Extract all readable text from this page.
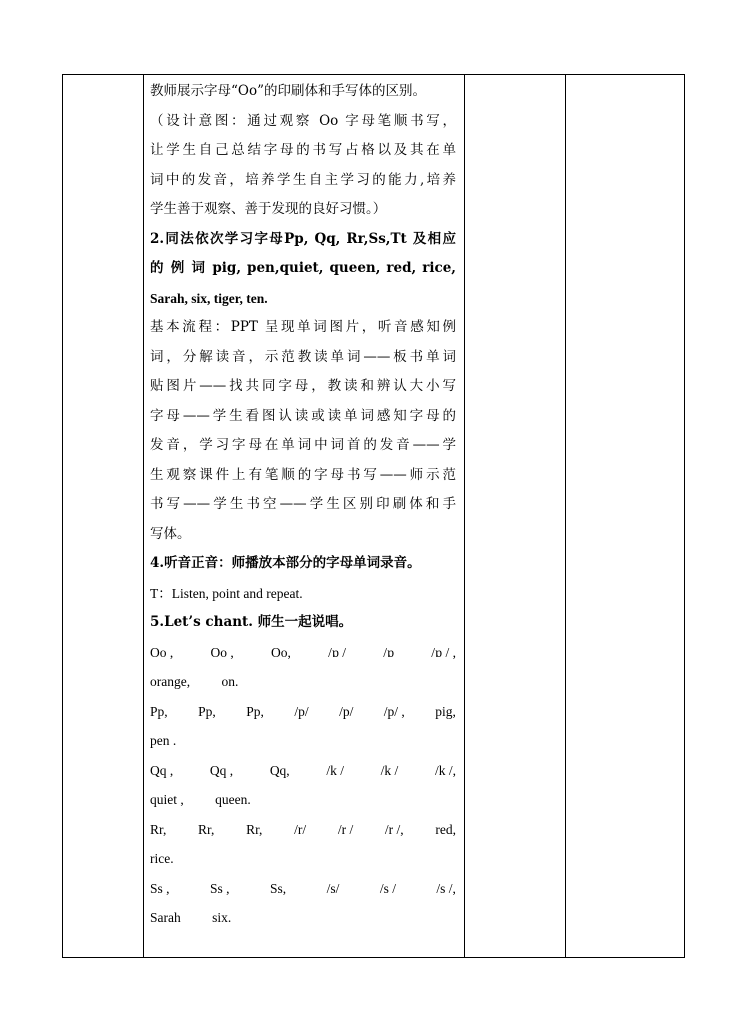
教师展示字母“Oo”的印刷体和手写体的区别。
（设计意图：通过观察 Oo 字母笔顺书写，
让学生自己总结字母的书写占格以及其在单
词中的发音，培养学生自主学习的能力,培养
学生善于观察、善于发现的良好习惯。）
2.同法依次学习字母Pp, Qq, Rr,Ss,Tt 及相应
的 例 词 pig, pen,quiet, queen, red, rice,
Sarah, six, tiger, ten.
基本流程：PPT 呈现单词图片，听音感知例
词，分解读音，示范教读单词——板书单词
贴图片——找共同字母，教读和辨认大小写
字母——学生看图认读或读单词感知字母的
发音，学习字母在单词中词首的发音——学
生观察课件上有笔顺的字母书写——师示范
书写——学生书空——学生区别印刷体和手
写体。
4.听音正音：师播放本部分的字母单词录音。
T：Listen, point and repeat.
5.Let’s chant. 师生一起说唱。
Oo ,	Oo ,	Oo,	/ɒ /	/ɒ	/ɒ / ,
orange, on.
Pp, Pp, Pp, /p/ /p/ /p/ , pig,
pen .
Qq ,	Qq ,	Qq,	/k /	/k /	/k /,
quiet , queen.
Rr, Rr, Rr, /r/ /r / /r /, red,
rice.
Ss ,	Ss ,	Ss,	/s/	/s /	/s /,
Sarah six.
